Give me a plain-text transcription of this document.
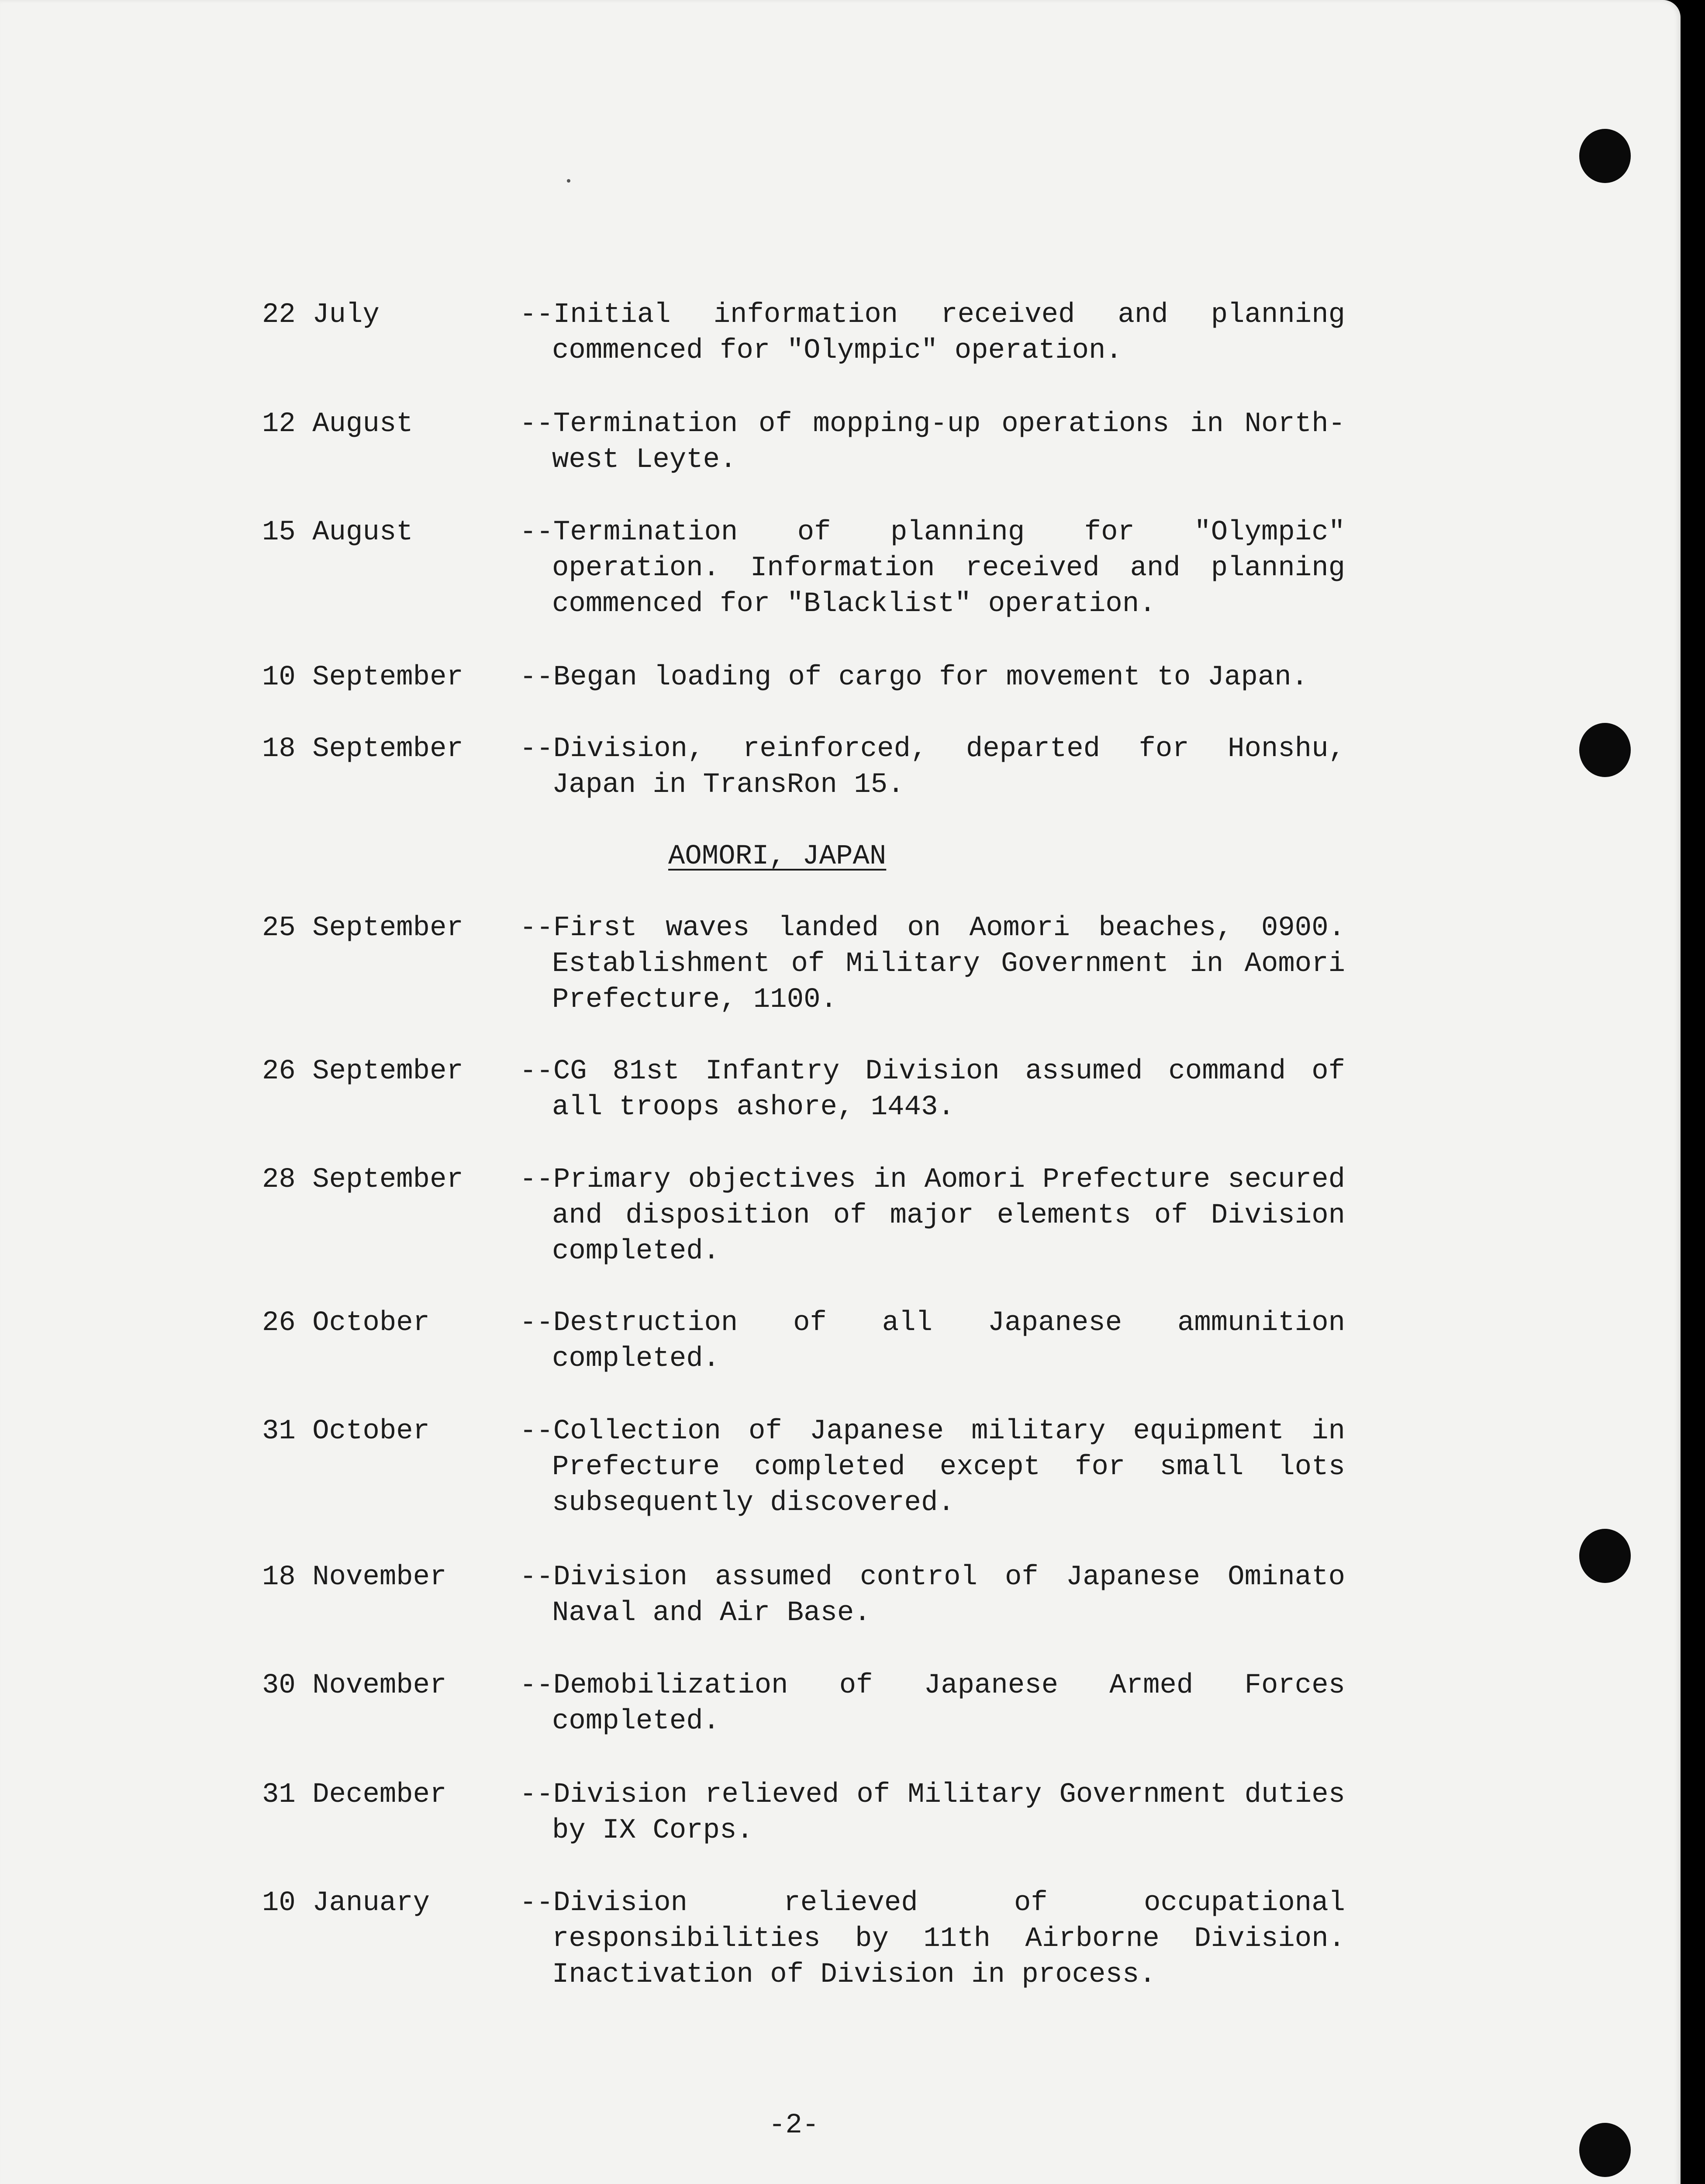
22 July	--Initial information received and planning commenced for "Olympic" operation.
12 August	--Termination of mopping-up operations in North-west Leyte.
15 August	--Termination of planning for "Olympic" operation. Information received and planning commenced for "Blacklist" operation.
10 September	--Began loading of cargo for movement to Japan.
18 September	--Division, reinforced, departed for Honshu, Japan in TransRon 15.
AOMORI, JAPAN
25 September	--First waves landed on Aomori beaches, 0900. Establishment of Military Government in Aomori Prefecture, 1100.
26 September	--CG 81st Infantry Division assumed command of all troops ashore, 1443.
28 September	--Primary objectives in Aomori Prefecture secured and disposition of major elements of Division completed.
26 October	--Destruction of all Japanese ammunition completed.
31 October	--Collection of Japanese military equipment in Prefecture completed except for small lots subsequently discovered.
18 November	--Division assumed control of Japanese Ominato Naval and Air Base.
30 November	--Demobilization of Japanese Armed Forces completed.
31 December	--Division relieved of Military Government duties by IX Corps.
10 January	--Division relieved of occupational responsibilities by 11th Airborne Division. Inactivation of Division in process.
-2-
